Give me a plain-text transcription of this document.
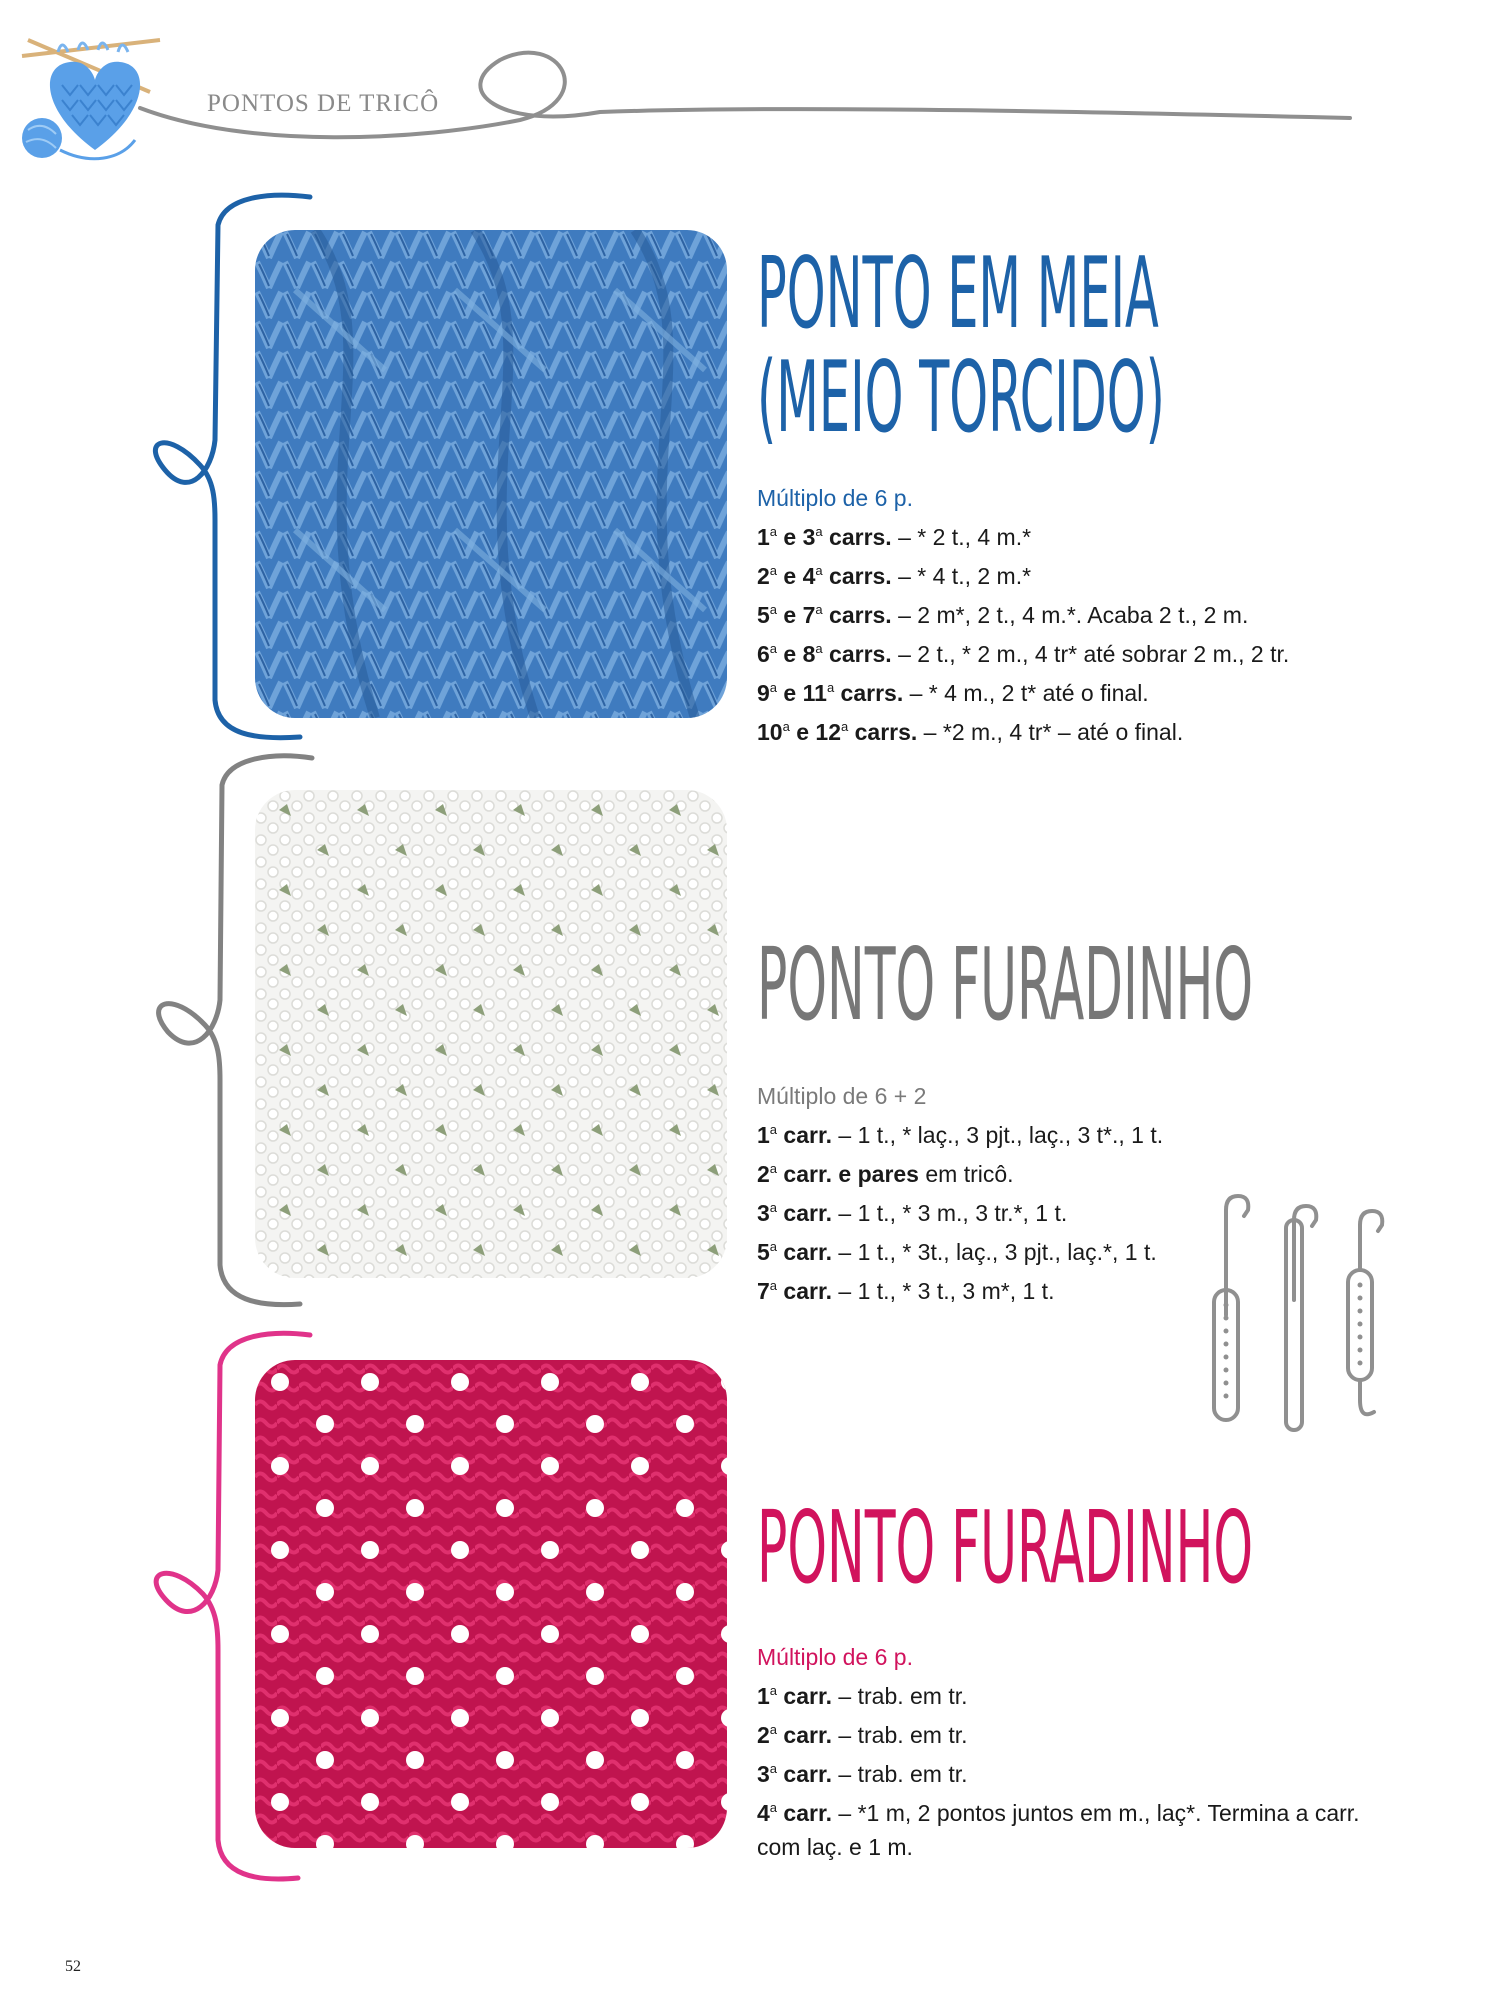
PONTOS DE TRICÔ
PONTO EM MEIA
(MEIO TORCIDO)
Múltiplo de 6 p.
1$^a$ e 3$^a$ carrs. – * 2 t., 4 m.*
2$^a$ e 4$^a$ carrs. – * 4 t., 2 m.*
5$^a$ e 7$^a$ carrs. – 2 m*, 2 t., 4 m.*. Acaba 2 t., 2 m.
6$^a$ e 8$^a$ carrs. – 2 t., * 2 m., 4 tr* até sobrar 2 m., 2 tr.
9$^a$ e 11$^a$ carrs. – * 4 m., 2 t* até o final.
10$^a$ e 12$^a$ carrs. – *2 m., 4 tr* – até o final.
PONTO FURADINHO
Múltiplo de 6 + 2
1$^a$ carr. – 1 t., * laç., 3 pjt., laç., 3 t*., 1 t.
2$^a$ carr. e pares em tricô.
3$^a$ carr. – 1 t., * 3 m., 3 tr.*, 1 t.
5$^a$ carr. – 1 t., * 3t., laç., 3 pjt., laç.*, 1 t.
7$^a$ carr. – 1 t., * 3 t., 3 m*, 1 t.
PONTO FURADINHO
Múltiplo de 6 p.
1$^a$ carr. – trab. em tr.
2$^a$ carr. – trab. em tr.
3$^a$ carr. – trab. em tr.
4$^a$ carr. – *1 m, 2 pontos juntos em m., laç*. Termina a carr. com laç. e 1 m.
52
